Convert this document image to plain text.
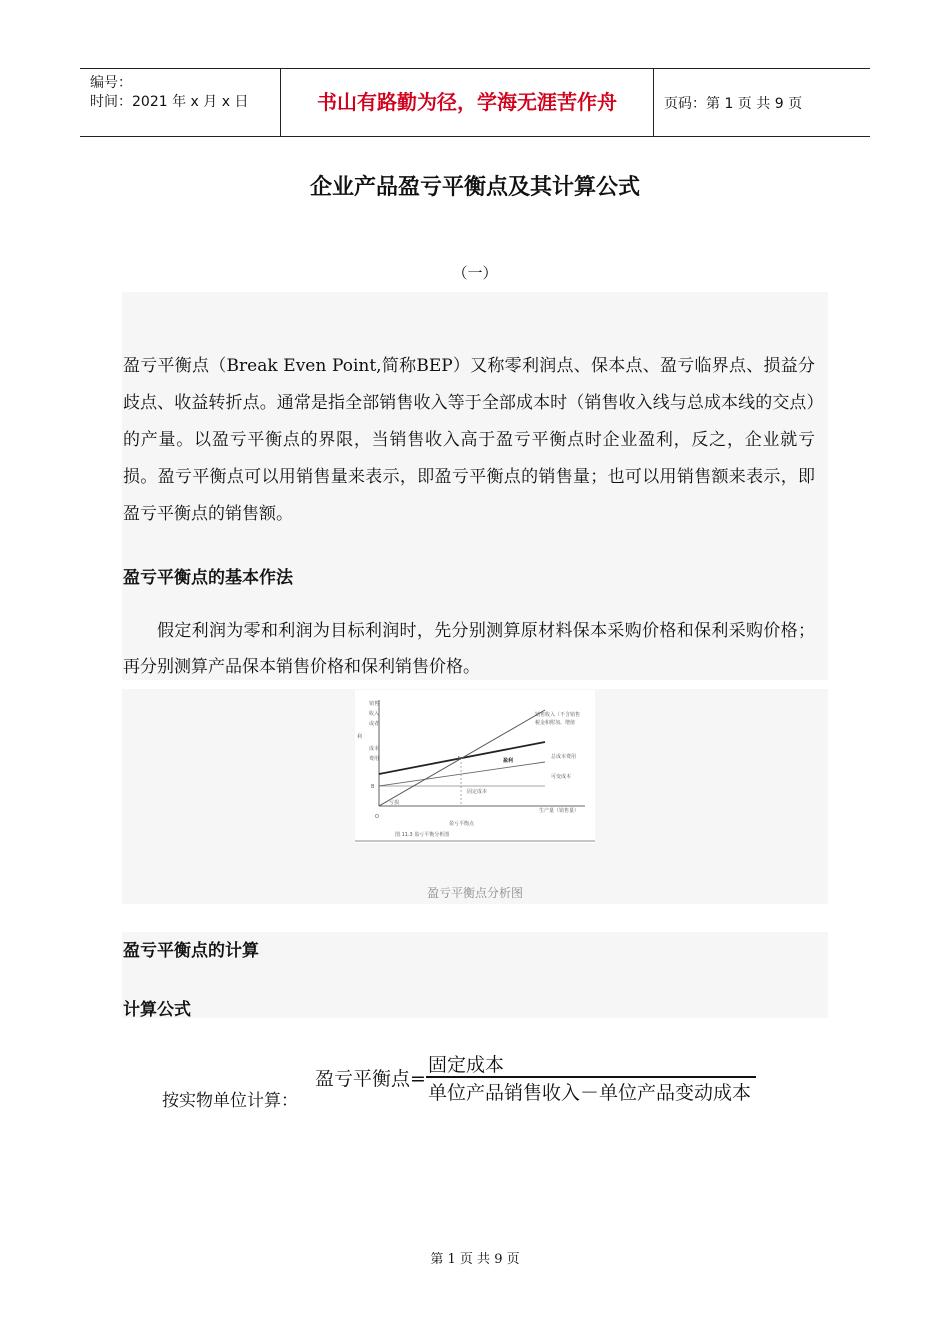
编号：
时间：2021 年 x 月 x 日	书山有路勤为径，学海无涯苦作舟	页码：第 1 页 共 9 页
企业产品盈亏平衡点及其计算公式
（一）
盈亏平衡点（Break Even Point,简称BEP）又称零利润点、保本点、盈亏临界点、损益分歧点、收益转折点。通常是指全部销售收入等于全部成本时（销售收入线与总成本线的交点）的产量。以盈亏平衡点的界限，当销售收入高于盈亏平衡点时企业盈利，反之，企业就亏损。盈亏平衡点可以用销售量来表示，即盈亏平衡点的销售量；也可以用销售额来表示，即盈亏平衡点的销售额。
盈亏平衡点的基本作法
假定利润为零和利润为目标利润时，先分别测算原材料保本采购价格和保利采购价格；再分别测算产品保本销售价格和保利销售价格。
销售
收入
或者
利
成本
费用
销售收入（不含销售
税金和附加、增值
盈利
总成本费用
可变成本
固定成本
亏损
盈亏平衡点
生产量（销售量）
O
B
A
图 11.3 盈亏平衡分析图
盈亏平衡点分析图
盈亏平衡点的计算
计算公式
按实物单位计算：
盈亏平衡点=
固定成本
单位产品销售收入－单位产品变动成本
第 1 页 共 9 页
